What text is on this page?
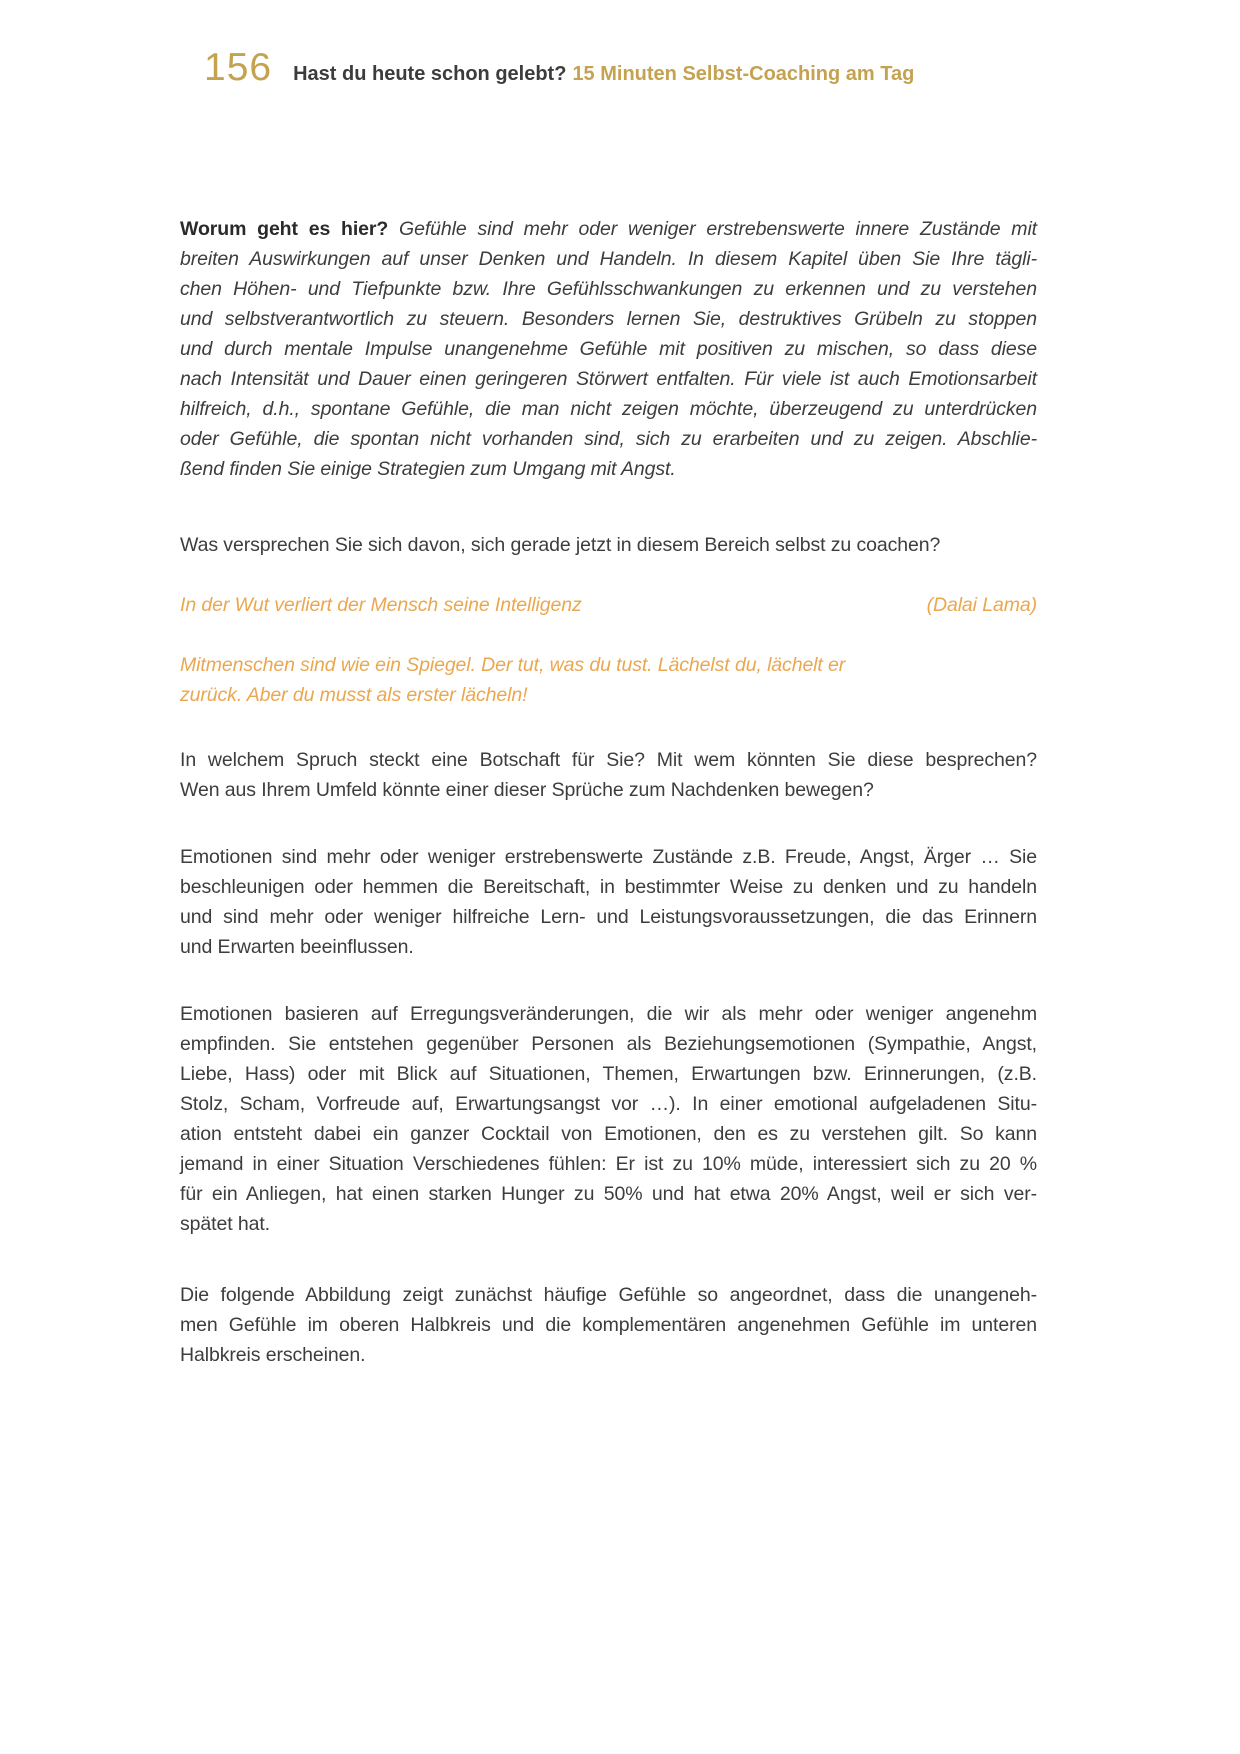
156 Hast du heute schon gelebt? 15 Minuten Selbst-Coaching am Tag
Worum geht es hier? Gefühle sind mehr oder weniger erstrebenswerte innere Zustände mit
breiten Auswirkungen auf unser Denken und Handeln. In diesem Kapitel üben Sie Ihre tägli-
chen Höhen- und Tiefpunkte bzw. Ihre Gefühlsschwankungen zu erkennen und zu verstehen
und selbstverantwortlich zu steuern. Besonders lernen Sie, destruktives Grübeln zu stoppen
und durch mentale Impulse unangenehme Gefühle mit positiven zu mischen, so dass diese
nach Intensität und Dauer einen geringeren Störwert entfalten. Für viele ist auch Emotionsarbeit
hilfreich, d.h., spontane Gefühle, die man nicht zeigen möchte, überzeugend zu unterdrücken
oder Gefühle, die spontan nicht vorhanden sind, sich zu erarbeiten und zu zeigen. Abschlie-
ßend finden Sie einige Strategien zum Umgang mit Angst.
Was versprechen Sie sich davon, sich gerade jetzt in diesem Bereich selbst zu coachen?
In der Wut verliert der Mensch seine Intelligenz	(Dalai Lama)
Mitmenschen sind wie ein Spiegel. Der tut, was du tust. Lächelst du, lächelt er
zurück. Aber du musst als erster lächeln!
In welchem Spruch steckt eine Botschaft für Sie? Mit wem könnten Sie diese besprechen?
Wen aus Ihrem Umfeld könnte einer dieser Sprüche zum Nachdenken bewegen?
Emotionen sind mehr oder weniger erstrebenswerte Zustände z.B. Freude, Angst, Ärger … Sie
beschleunigen oder hemmen die Bereitschaft, in bestimmter Weise zu denken und zu handeln
und sind mehr oder weniger hilfreiche Lern- und Leistungsvoraussetzungen, die das Erinnern
und Erwarten beeinflussen.
Emotionen basieren auf Erregungsveränderungen, die wir als mehr oder weniger angenehm
empfinden. Sie entstehen gegenüber Personen als Beziehungsemotionen (Sympathie, Angst,
Liebe, Hass) oder mit Blick auf Situationen, Themen, Erwartungen bzw. Erinnerungen, (z.B.
Stolz, Scham, Vorfreude auf, Erwartungsangst vor …). In einer emotional aufgeladenen Situ-
ation entsteht dabei ein ganzer Cocktail von Emotionen, den es zu verstehen gilt. So kann
jemand in einer Situation Verschiedenes fühlen: Er ist zu 10% müde, interessiert sich zu 20 %
für ein Anliegen, hat einen starken Hunger zu 50% und hat etwa 20% Angst, weil er sich ver-
spätet hat.
Die folgende Abbildung zeigt zunächst häufige Gefühle so angeordnet, dass die unangeneh-
men Gefühle im oberen Halbkreis und die komplementären angenehmen Gefühle im unteren
Halbkreis erscheinen.
